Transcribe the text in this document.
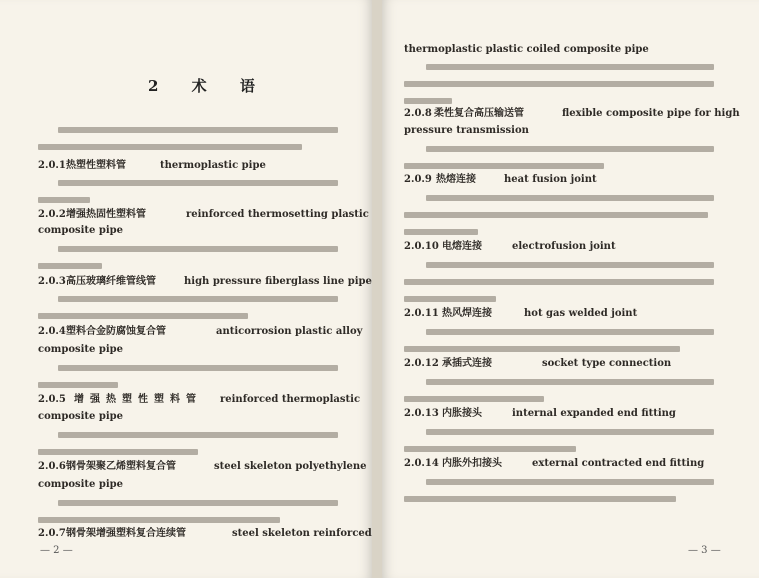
2 术 语
2.0.1 热塑性塑料管	thermoplastic pipe
2.0.2 增强热固性塑料管	reinforced thermosetting plastic
composite pipe
2.0.3 高压玻璃纤维管线管	high pressure fiberglass line pipe
2.0.4 塑料合金防腐蚀复合管	anticorrosion plastic alloy
composite pipe
2.0.5 增强热塑性塑料管 reinforced thermoplastic
composite pipe
2.0.6 钢骨架聚乙烯塑料复合管	steel skeleton polyethylene
composite pipe
2.0.7 钢骨架增强塑料复合连续管	steel skeleton reinforced
— 2 —
thermoplastic plastic coiled composite pipe
2.0.8 柔性复合高压输送管	flexible composite pipe for high
pressure transmission
2.0.9 热熔连接	heat fusion joint
2.0.10 电熔连接	electrofusion joint
2.0.11 热风焊连接	hot gas welded joint
2.0.12 承插式连接	socket type connection
2.0.13 内胀接头	internal expanded end fitting
2.0.14 内胀外扣接头	external contracted end fitting
— 3 —
